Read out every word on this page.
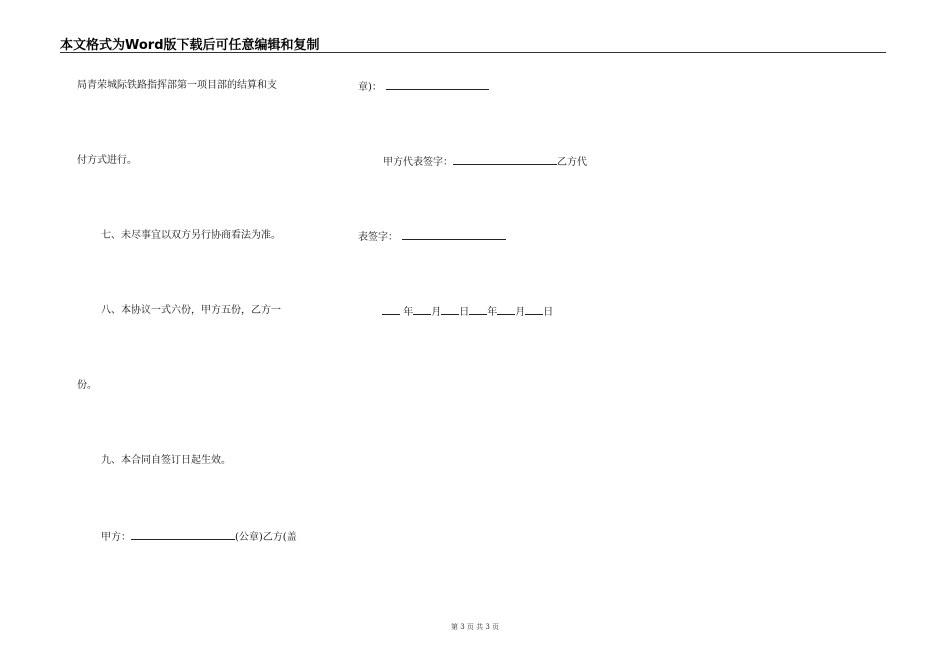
本文格式为Word版下载后可任意编辑和复制
局青荣城际铁路指挥部第一项目部的结算和支
付方式进行。
七、未尽事宜以双方另行协商看法为准。
八、本协议一式六份，甲方五份，乙方一
份。
九、本合同自签订日起生效。
甲方：	(公章)乙方(盖
章)：
甲方代表签字：	乙方代
表签字：
年 月 日 年 月 日
第 3 页 共 3 页
